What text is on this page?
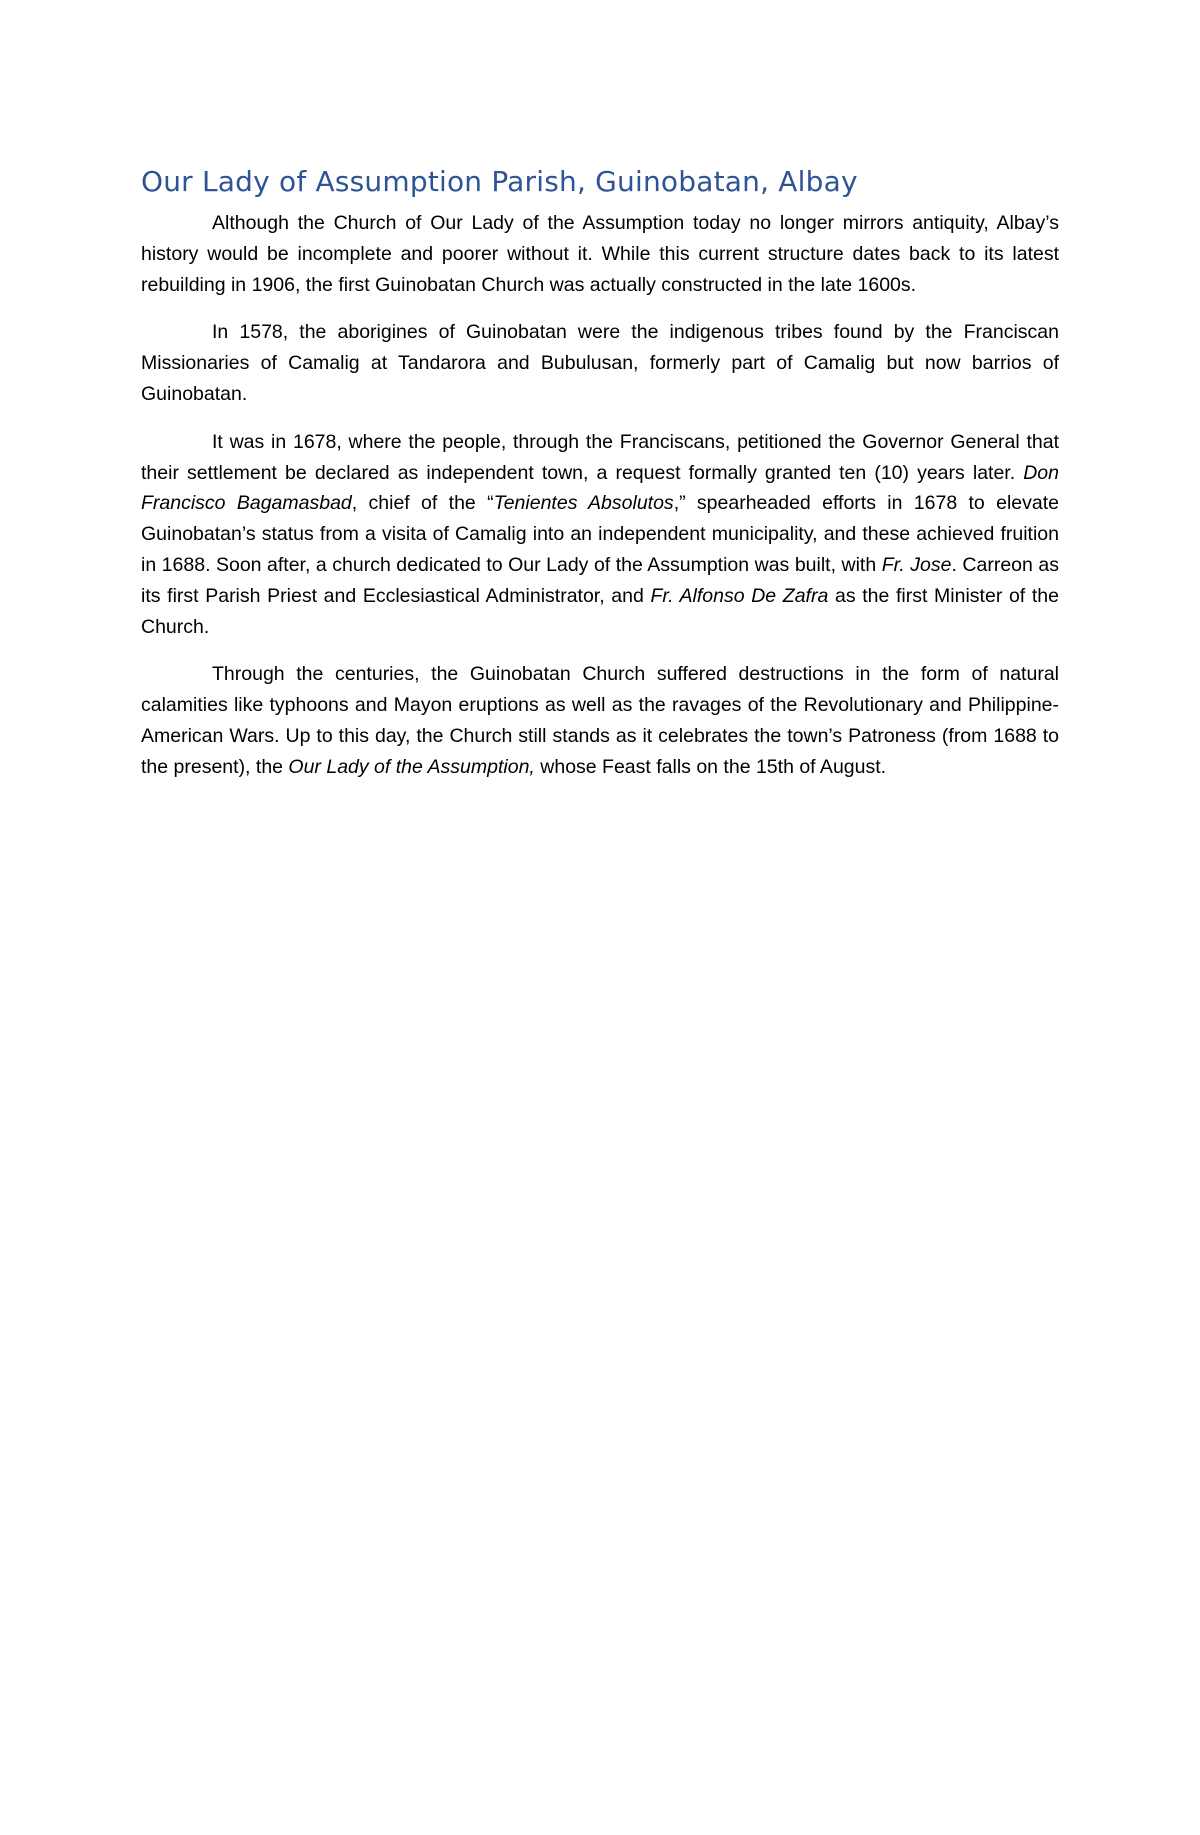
Our Lady of Assumption Parish, Guinobatan, Albay

Although the Church of Our Lady of the Assumption today no longer mirrors antiquity, Albay’s history would be incomplete and poorer without it. While this current structure dates back to its latest rebuilding in 1906, the first Guinobatan Church was actually constructed in the late 1600s.

In 1578, the aborigines of Guinobatan were the indigenous tribes found by the Franciscan Missionaries of Camalig at Tandarora and Bubulusan, formerly part of Camalig but now barrios of Guinobatan.

It was in 1678, where the people, through the Franciscans, petitioned the Governor General that their settlement be declared as independent town, a request formally granted ten (10) years later. Don Francisco Bagamasbad, chief of the “Tenientes Absolutos,” spearheaded efforts in 1678 to elevate Guinobatan’s status from a visita of Camalig into an independent municipality, and these achieved fruition in 1688. Soon after, a church dedicated to Our Lady of the Assumption was built, with Fr. Jose. Carreon as its first Parish Priest and Ecclesiastical Administrator, and Fr. Alfonso De Zafra as the first Minister of the Church.

Through the centuries, the Guinobatan Church suffered destructions in the form of natural calamities like typhoons and Mayon eruptions as well as the ravages of the Revolutionary and Philippine-American Wars. Up to this day, the Church still stands as it celebrates the town’s Patroness (from 1688 to the present), the Our Lady of the Assumption, whose Feast falls on the 15th of August.
